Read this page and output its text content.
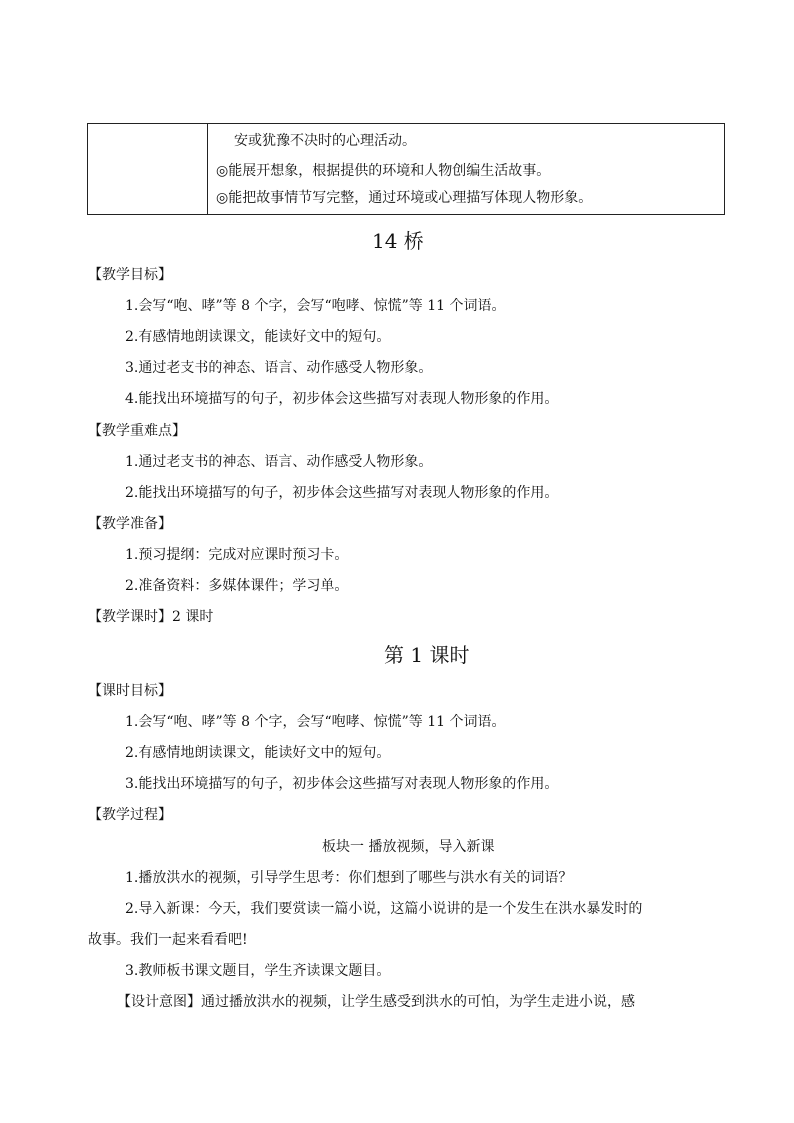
安或犹豫不决时的心理活动。
◎能展开想象，根据提供的环境和人物创编生活故事。
◎能把故事情节写完整，通过环境或心理描写体现人物形象。
14 桥
【教学目标】
1.会写“咆、哮”等 8 个字，会写“咆哮、惊慌”等 11 个词语。
2.有感情地朗读课文，能读好文中的短句。
3.通过老支书的神态、语言、动作感受人物形象。
4.能找出环境描写的句子，初步体会这些描写对表现人物形象的作用。
【教学重难点】
1.通过老支书的神态、语言、动作感受人物形象。
2.能找出环境描写的句子，初步体会这些描写对表现人物形象的作用。
【教学准备】
1.预习提纲：完成对应课时预习卡。
2.准备资料：多媒体课件；学习单。
【教学课时】2 课时
第 1 课时
【课时目标】
1.会写“咆、哮”等 8 个字，会写“咆哮、惊慌”等 11 个词语。
2.有感情地朗读课文，能读好文中的短句。
3.能找出环境描写的句子，初步体会这些描写对表现人物形象的作用。
【教学过程】
板块一 播放视频，导入新课
1.播放洪水的视频，引导学生思考：你们想到了哪些与洪水有关的词语？
2.导入新课：今天，我们要赏读一篇小说，这篇小说讲的是一个发生在洪水暴发时的
故事。我们一起来看看吧!
3.教师板书课文题目，学生齐读课文题目。
【设计意图】通过播放洪水的视频，让学生感受到洪水的可怕，为学生走进小说，感
